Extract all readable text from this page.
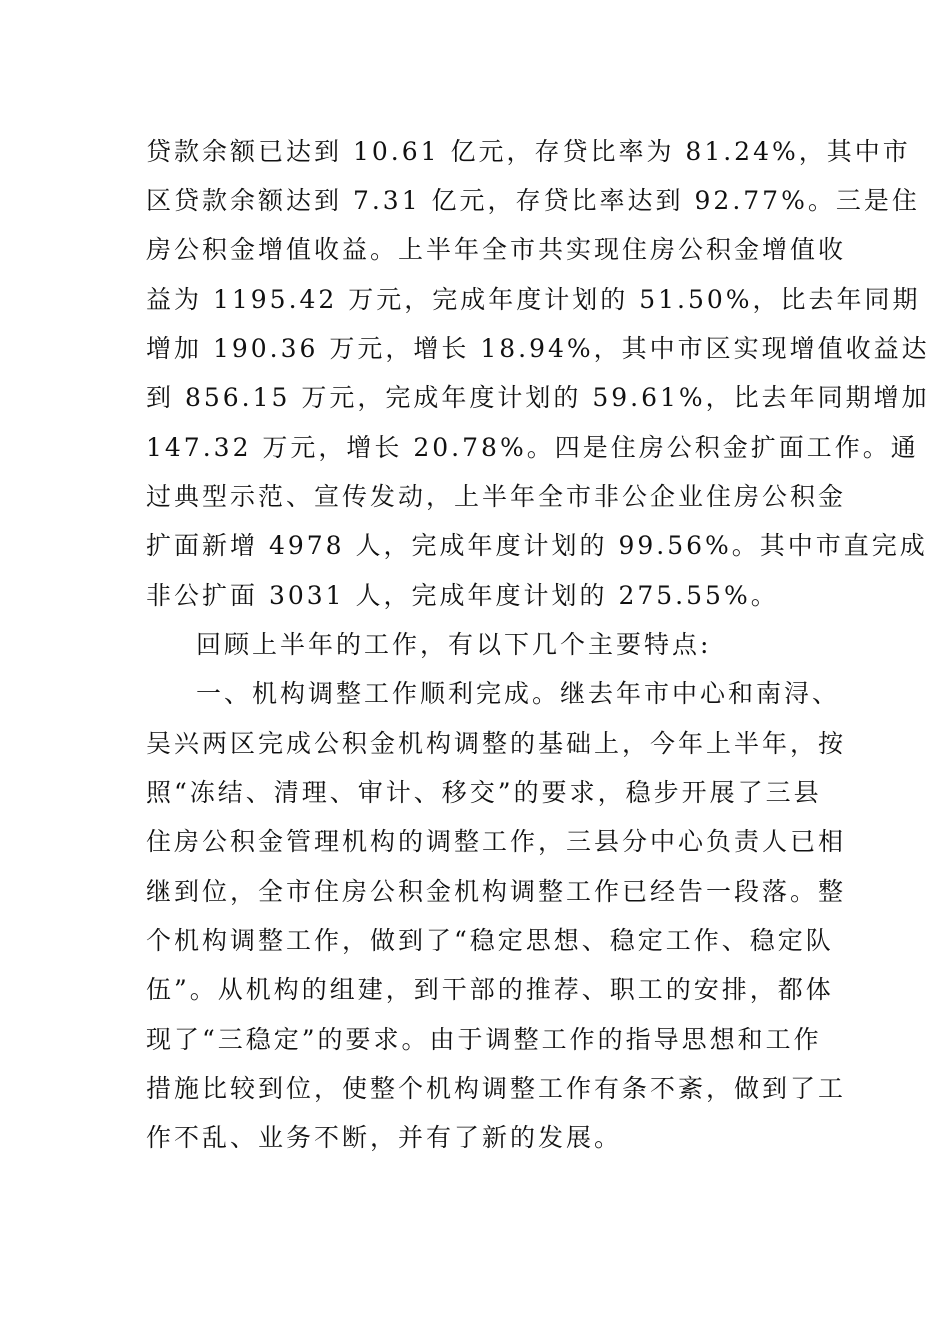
贷款余额已达到 10.61 亿元，存贷比率为 81.24%，其中市
区贷款余额达到 7.31 亿元，存贷比率达到 92.77%。三是住
房公积金增值收益。上半年全市共实现住房公积金增值收
益为 1195.42 万元，完成年度计划的 51.50%，比去年同期
增加 190.36 万元，增长 18.94%，其中市区实现增值收益达
到 856.15 万元，完成年度计划的 59.61%，比去年同期增加
147.32 万元，增长 20.78%。四是住房公积金扩面工作。通
过典型示范、宣传发动，上半年全市非公企业住房公积金
扩面新增 4978 人，完成年度计划的 99.56%。其中市直完成
非公扩面 3031 人，完成年度计划的 275.55%。
回顾上半年的工作，有以下几个主要特点:
一、机构调整工作顺利完成。继去年市中心和南浔、
吴兴两区完成公积金机构调整的基础上，今年上半年，按
照“冻结、清理、审计、移交”的要求，稳步开展了三县
住房公积金管理机构的调整工作，三县分中心负责人已相
继到位，全市住房公积金机构调整工作已经告一段落。整
个机构调整工作，做到了“稳定思想、稳定工作、稳定队
伍”。从机构的组建，到干部的推荐、职工的安排，都体
现了“三稳定”的要求。由于调整工作的指导思想和工作
措施比较到位，使整个机构调整工作有条不紊，做到了工
作不乱、业务不断，并有了新的发展。
